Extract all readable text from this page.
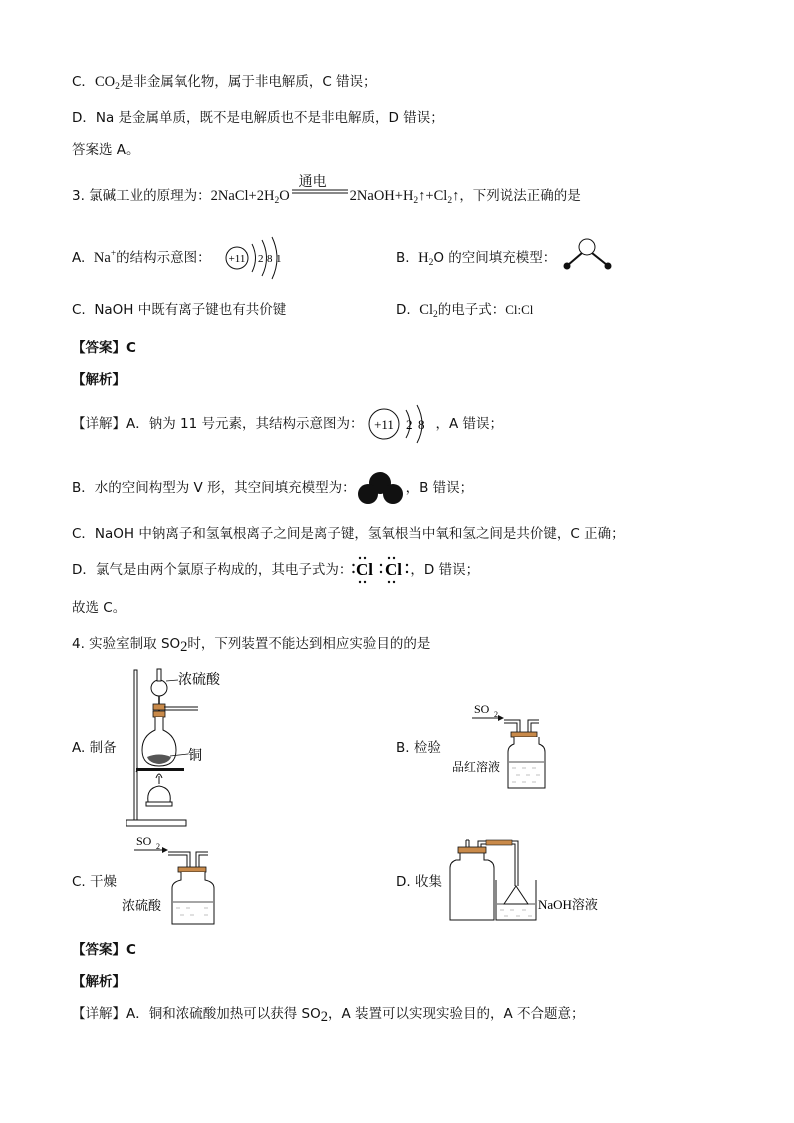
C．$CO_2$是非金属氧化物，属于非电解质，C 错误；
D．Na 是金属单质，既不是电解质也不是非电解质，D 错误；
答案选 A。
3. 氯碱工业的原理为：$2NaCl+2H_2O$
通电
$2NaOH+H_2↑+Cl_2↑$，下列说法正确的是
A. Na+的结构示意图： +11 2 8 1	B. $H_2O$ 的空间填充模型：
C. NaOH 中既有离子键也有共价键	D. $Cl_2$的电子式：Cl:Cl
【答案】C
【解析】
【详解】A．钠为 11 号元素，其结构示意图为： +11 2 8 ，A 错误；
B．水的空间构型为 V 形，其空间填充模型为：	，B 错误；
C．NaOH 中钠离子和氢氧根离子之间是离子键，氢氧根当中氧和氢之间是共价键，C 正确；
D．氯气是由两个氯原子构成的，其电子式为： Cl Cl ，D 错误；
故选 C。
4. 实验室制取 $SO_2$时，下列装置不能达到相应实验目的的是
A. 制备
浓硫酸
铜
B. 检验
SO 2
品红溶液
C. 干燥
SO 2
浓硫酸
D. 收集
NaOH溶液
【答案】C
【解析】
【详解】A．铜和浓硫酸加热可以获得 $SO_2$，A 装置可以实现实验目的，A 不合题意；
